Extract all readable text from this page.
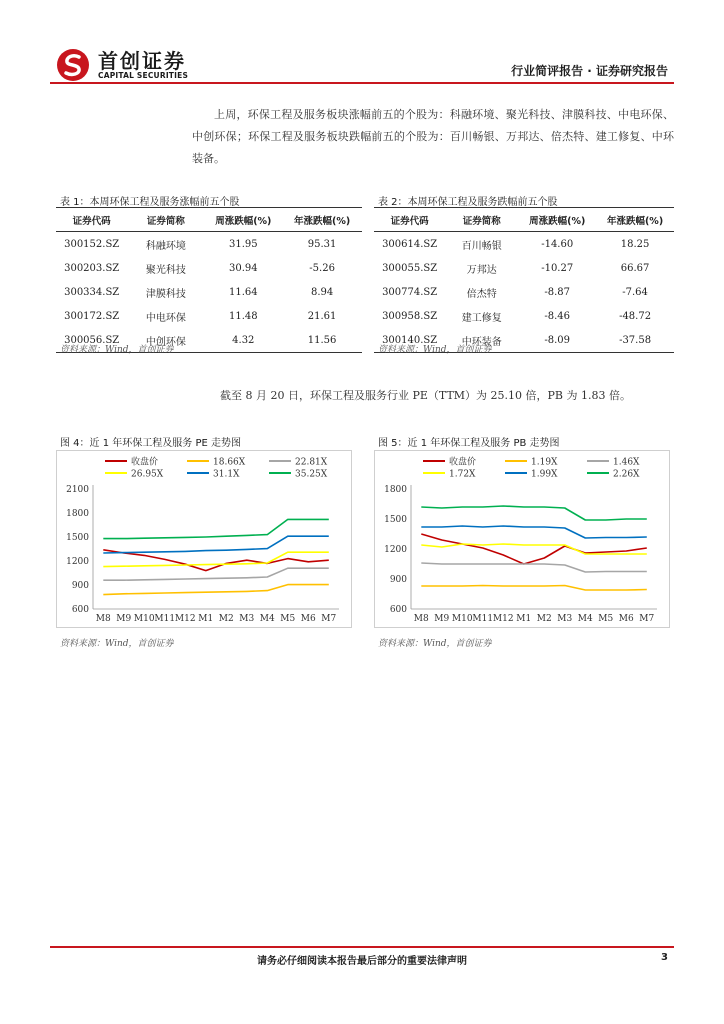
首创证券
CAPITAL SECURITIES	行业简评报告 · 证券研究报告
上周，环保工程及服务板块涨幅前五的个股为：科融环境、聚光科技、津膜科技、中电环保、中创环保；环保工程及服务板块跌幅前五的个股为：百川畅银、万邦达、倍杰特、建工修复、中环装备。
表 1：本周环保工程及服务涨幅前五个股
证券代码	证券简称	周涨跌幅(%)	年涨跌幅(%)
300152.SZ	科融环境	31.95	95.31
300203.SZ	聚光科技	30.94	-5.26
300334.SZ	津膜科技	11.64	8.94
300172.SZ	中电环保	11.48	21.61
300056.SZ	中创环保	4.32	11.56
资料来源：Wind，首创证券
表 2：本周环保工程及服务跌幅前五个股
证券代码	证券简称	周涨跌幅(%)	年涨跌幅(%)
300614.SZ	百川畅银	-14.60	18.25
300055.SZ	万邦达	-10.27	66.67
300774.SZ	倍杰特	-8.87	-7.64
300958.SZ	建工修复	-8.46	-48.72
300140.SZ	中环装备	-8.09	-37.58
资料来源：Wind，首创证券
截至 8 月 20 日，环保工程及服务行业 PE（TTM）为 25.10 倍，PB 为 1.83 倍。
图 4：近 1 年环保工程及服务 PE 走势图
收盘价	18.66X	22.81X
26.95X	31.1X	35.25X
600
900
1200
1500
1800
2100
M8 M9 M10 M11 M12 M1 M2 M3 M4 M5 M6 M7
资料来源：Wind，首创证券
图 5：近 1 年环保工程及服务 PB 走势图
收盘价	1.19X	1.46X
1.72X	1.99X	2.26X
600
900
1200
1500
1800
M8 M9 M10 M11 M12 M1 M2 M3 M4 M5 M6 M7
资料来源：Wind，首创证券
请务必仔细阅读本报告最后部分的重要法律声明	3
